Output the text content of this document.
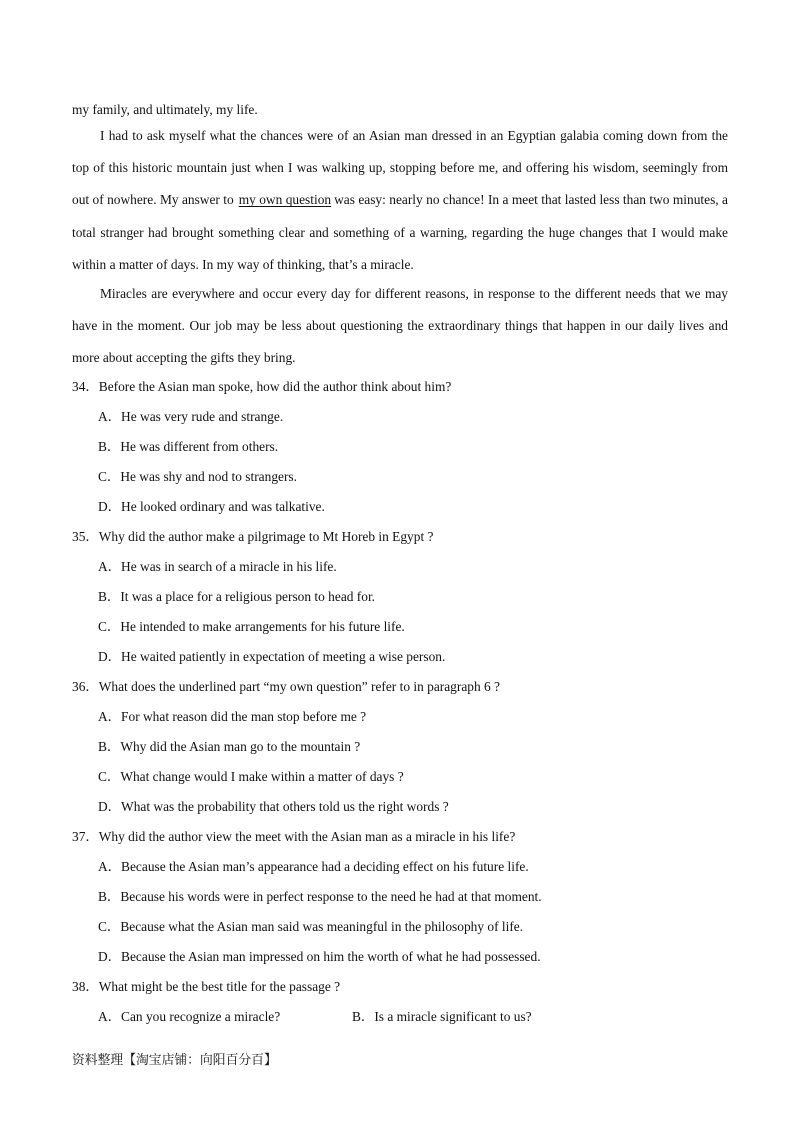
my family, and ultimately, my life.

I had to ask myself what the chances were of an Asian man dressed in an Egyptian galabia coming down from the top of this historic mountain just when I was walking up, stopping before me, and offering his wisdom, seemingly from out of nowhere. My answer to my own question was easy: nearly no chance! In a meet that lasted less than two minutes, a total stranger had brought something clear and something of a warning, regarding the huge changes that I would make within a matter of days. In my way of thinking, that’s a miracle.

Miracles are everywhere and occur every day for different reasons, in response to the different needs that we may have in the moment. Our job may be less about questioning the extraordinary things that happen in our daily lives and more about accepting the gifts they bring.

34．Before the Asian man spoke, how did the author think about him?
A．He was very rude and strange.
B．He was different from others.
C．He was shy and nod to strangers.
D．He looked ordinary and was talkative.
35．Why did the author make a pilgrimage to Mt Horeb in Egypt ?
A．He was in search of a miracle in his life.
B．It was a place for a religious person to head for.
C．He intended to make arrangements for his future life.
D．He waited patiently in expectation of meeting a wise person.
36．What does the underlined part “my own question” refer to in paragraph 6 ?
A．For what reason did the man stop before me ?
B．Why did the Asian man go to the mountain ?
C．What change would I make within a matter of days ?
D．What was the probability that others told us the right words ?
37．Why did the author view the meet with the Asian man as a miracle in his life?
A．Because the Asian man’s appearance had a deciding effect on his future life.
B．Because his words were in perfect response to the need he had at that moment.
C．Because what the Asian man said was meaningful in the philosophy of life.
D．Because the Asian man impressed on him the worth of what he had possessed.
38．What might be the best title for the passage ?
A．Can you recognize a miracle?	B．Is a miracle significant to us?
资料整理【淘宝店铺：向阳百分百】
